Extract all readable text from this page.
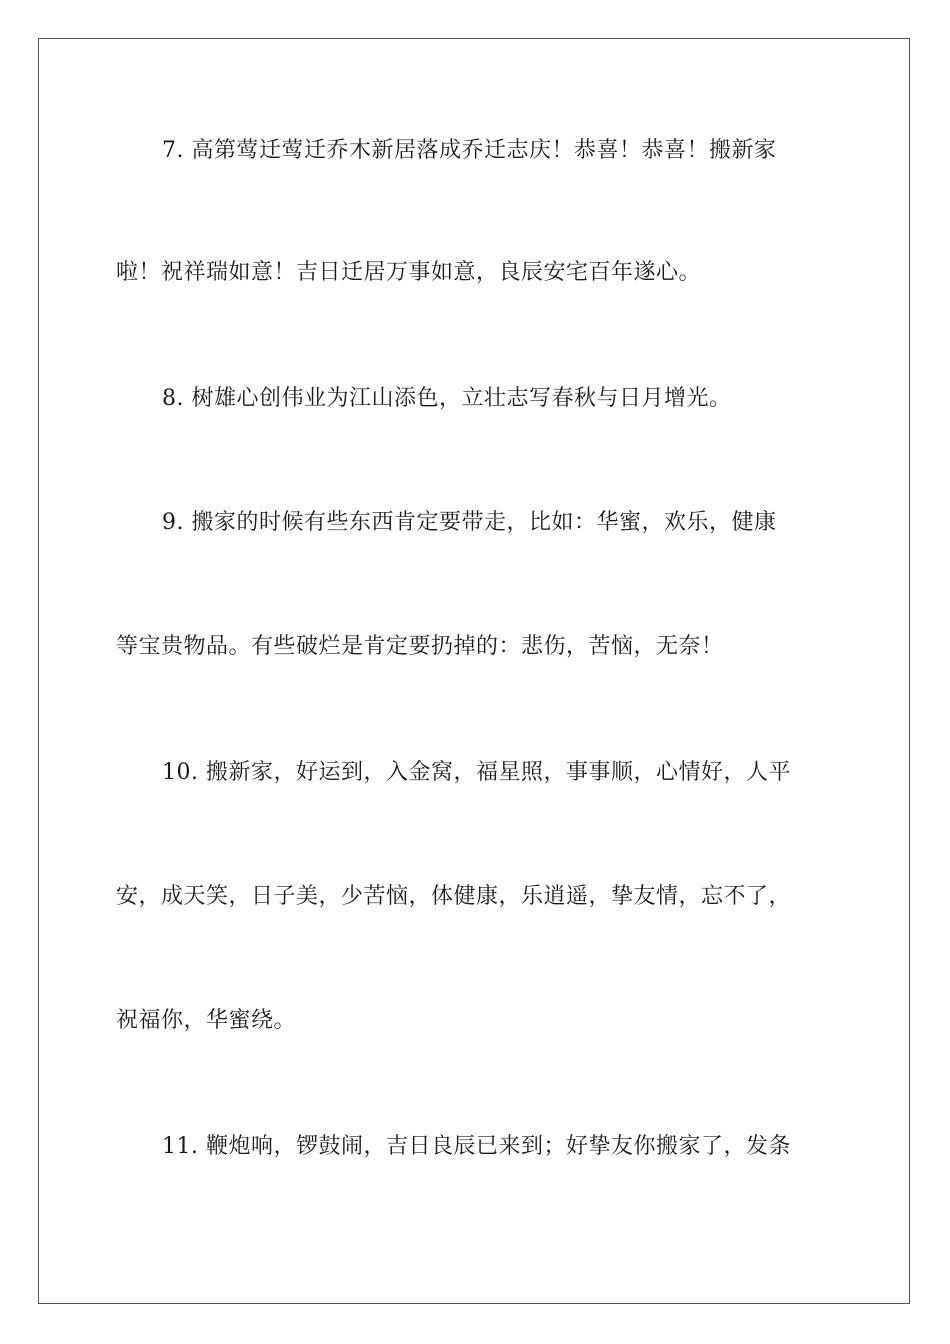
7. 高第莺迁莺迁乔木新居落成乔迁志庆！恭喜！恭喜！搬新家
啦！祝祥瑞如意！吉日迁居万事如意，良辰安宅百年遂心。
8. 树雄心创伟业为江山添色，立壮志写春秋与日月增光。
9. 搬家的时候有些东西肯定要带走，比如：华蜜，欢乐，健康
等宝贵物品。有些破烂是肯定要扔掉的：悲伤，苦恼，无奈！
10. 搬新家，好运到，入金窝，福星照，事事顺，心情好，人平
安，成天笑，日子美，少苦恼，体健康，乐逍遥，挚友情，忘不了，
祝福你，华蜜绕。
11. 鞭炮响，锣鼓闹，吉日良辰已来到；好挚友你搬家了，发条
